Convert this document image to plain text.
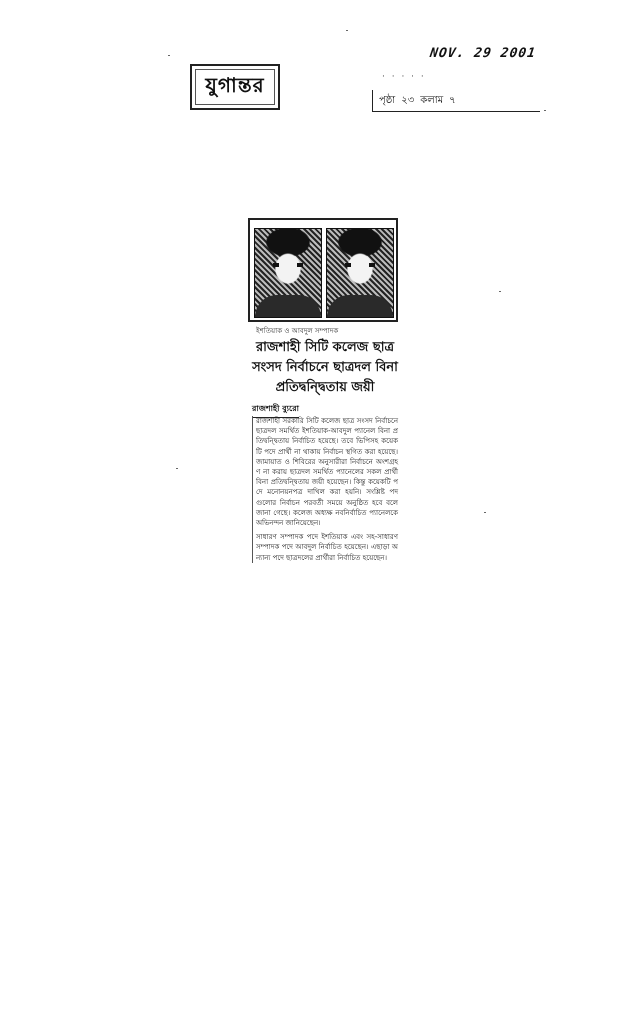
NOV. 29 2001
যুগান্তর	· · · · ·
পৃষ্ঠা ২৩ কলাম ৭
ইশতিয়াক ও আবদুল সম্পাদক
রাজশাহী সিটি কলেজ ছাত্র সংসদ নির্বাচনে ছাত্রদল বিনা প্রতিদ্বন্দ্বিতায় জয়ী
রাজশাহী ব্যুরো

রাজশাহী সরকারি সিটি কলেজ ছাত্র সংসদ নির্বাচনে ছাত্রদল সমর্থিত ইশতিয়াক-আবদুল প্যানেল বিনা প্রতিদ্বন্দ্বিতায় নির্বাচিত হয়েছে। তবে ভিপিসহ কয়েকটি পদে প্রার্থী না থাকায় নির্বাচন স্থগিত করা হয়েছে। জামায়াত ও শিবিরের অনুসারীরা নির্বাচনে অংশগ্রহণ না করায় ছাত্রদল সমর্থিত প্যানেলের সকল প্রার্থী বিনা প্রতিদ্বন্দ্বিতায় জয়ী হয়েছেন। কিন্তু কয়েকটি পদে মনোনয়নপত্র দাখিল করা হয়নি। সংশ্লিষ্ট পদগুলোর নির্বাচন পরবর্তী সময়ে অনুষ্ঠিত হবে বলে জানা গেছে। কলেজ অধ্যক্ষ নবনির্বাচিত প্যানেলকে অভিনন্দন জানিয়েছেন।

সাধারণ সম্পাদক পদে ইশতিয়াক এবং সহ-সাধারণ সম্পাদক পদে আবদুল নির্বাচিত হয়েছেন। এছাড়া অন্যান্য পদে ছাত্রদলের প্রার্থীরা নির্বাচিত হয়েছেন।
